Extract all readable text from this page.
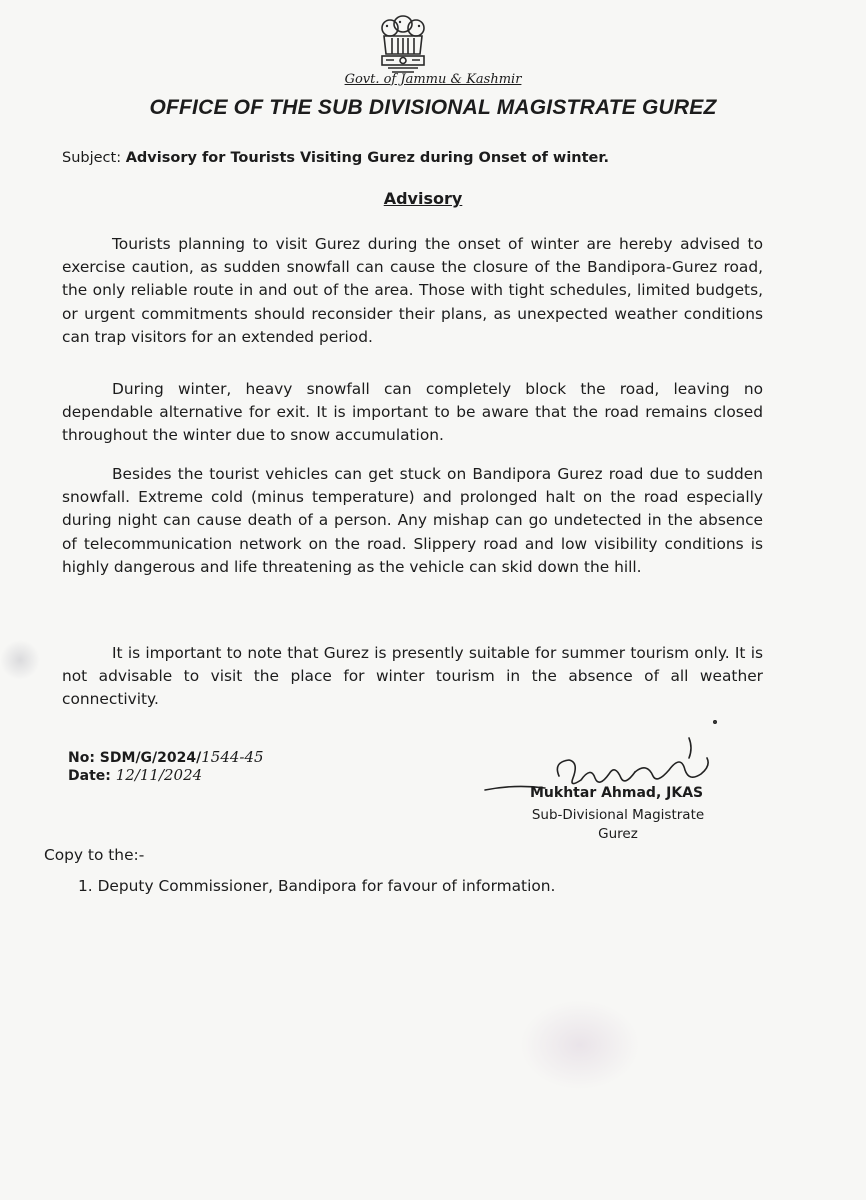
Govt. of Jammu & Kashmir
OFFICE OF THE SUB DIVISIONAL MAGISTRATE GUREZ
Subject: Advisory for Tourists Visiting Gurez during Onset of winter.
Advisory
Tourists planning to visit Gurez during the onset of winter are hereby advised to exercise caution, as sudden snowfall can cause the closure of the Bandipora-Gurez road, the only reliable route in and out of the area. Those with tight schedules, limited budgets, or urgent commitments should reconsider their plans, as unexpected weather conditions can trap visitors for an extended period.
During winter, heavy snowfall can completely block the road, leaving no dependable alternative for exit. It is important to be aware that the road remains closed throughout the winter due to snow accumulation.
Besides the tourist vehicles can get stuck on Bandipora Gurez road due to sudden snowfall. Extreme cold (minus temperature) and prolonged halt on the road especially during night can cause death of a person. Any mishap can go undetected in the absence of telecommunication network on the road. Slippery road and low visibility conditions is highly dangerous and life threatening as the vehicle can skid down the hill.
It is important to note that Gurez is presently suitable for summer tourism only. It is not advisable to visit the place for winter tourism in the absence of all weather connectivity.
No: SDM/G/2024/1544-45
Date: 12/11/2024
Mukhtar Ahmad, JKAS
Sub-Divisional Magistrate
Gurez
Copy to the:-
1. Deputy Commissioner, Bandipora for favour of information.
